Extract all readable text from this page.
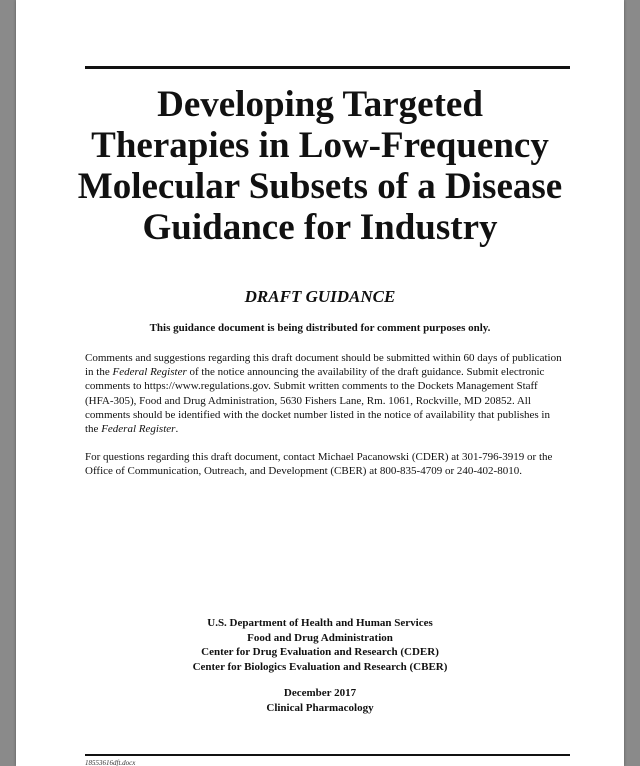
Developing Targeted
Therapies in Low-Frequency
Molecular Subsets of a Disease
Guidance for Industry
DRAFT GUIDANCE
This guidance document is being distributed for comment purposes only.

Comments and suggestions regarding this draft document should be submitted within 60 days of publication in the Federal Register of the notice announcing the availability of the draft guidance. Submit electronic comments to https://www.regulations.gov. Submit written comments to the Dockets Management Staff (HFA-305), Food and Drug Administration, 5630 Fishers Lane, Rm. 1061, Rockville, MD 20852. All comments should be identified with the docket number listed in the notice of availability that publishes in the Federal Register.

For questions regarding this draft document, contact Michael Pacanowski (CDER) at 301-796-3919 or the Office of Communication, Outreach, and Development (CBER) at 800-835-4709 or 240-402-8010.

U.S. Department of Health and Human Services
Food and Drug Administration
Center for Drug Evaluation and Research (CDER)
Center for Biologics Evaluation and Research (CBER)
December 2017
Clinical Pharmacology
18553616dft.docx
